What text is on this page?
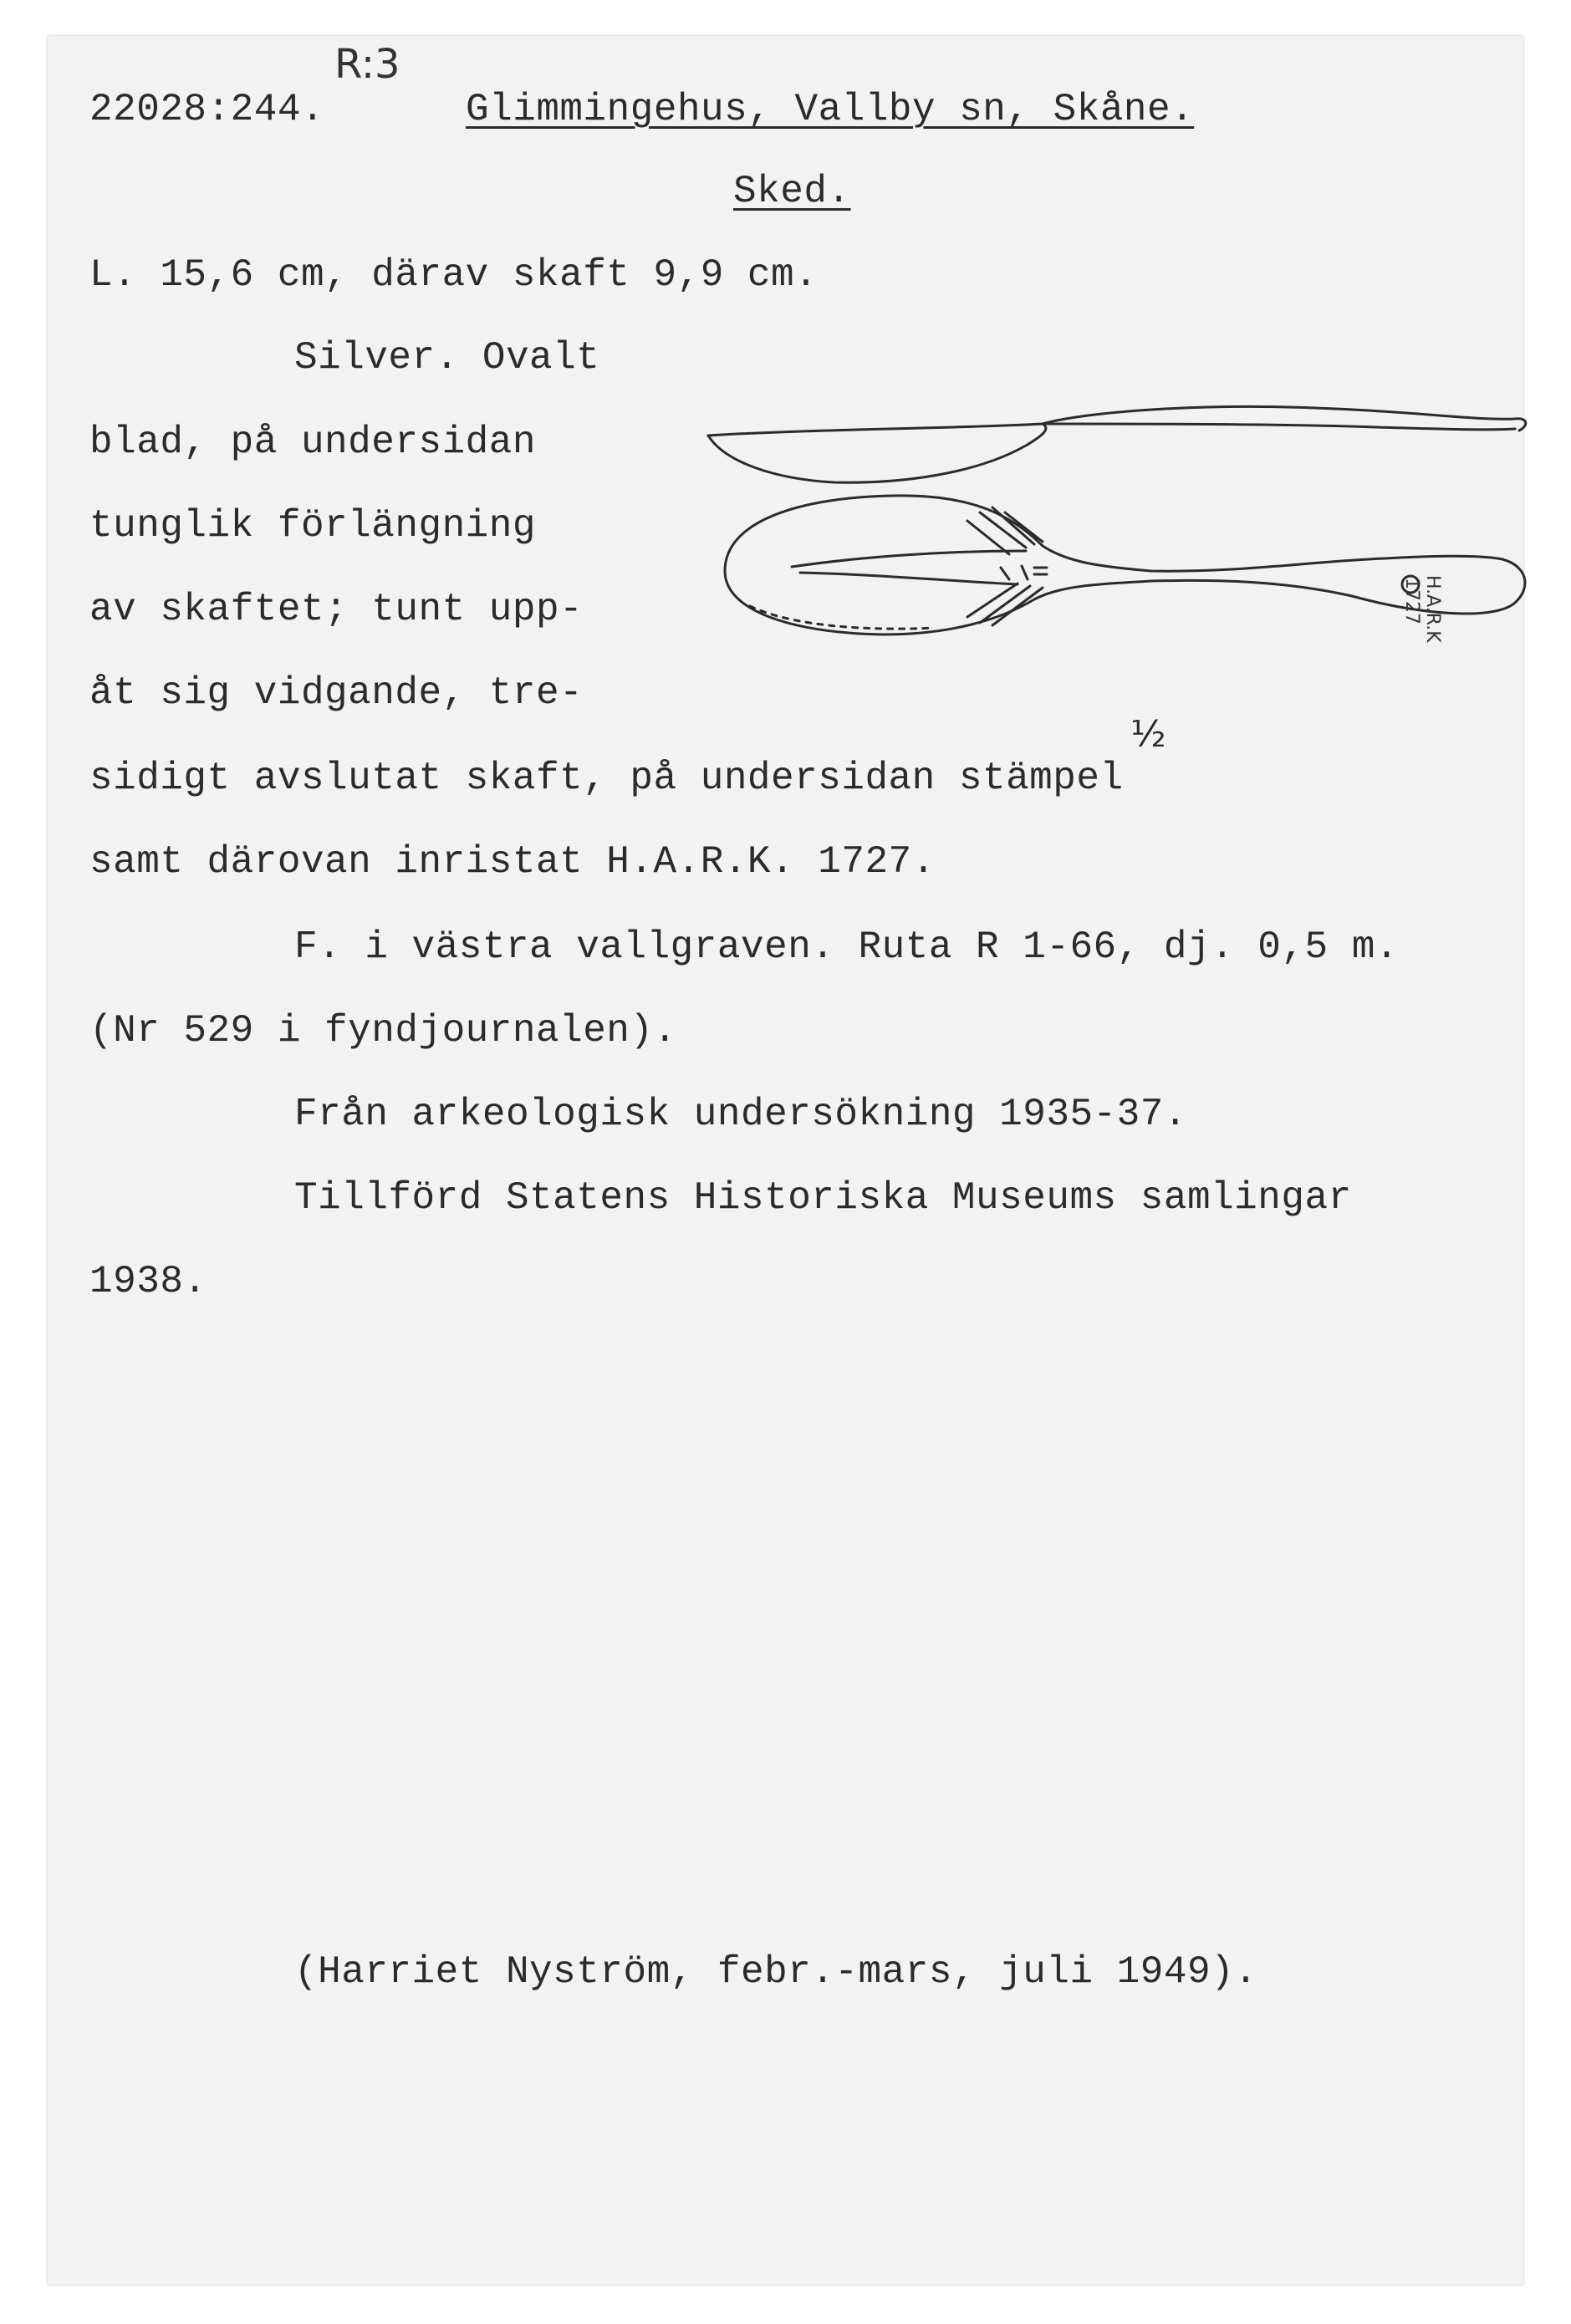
22028:244.
R:3
Glimmingehus, Vallby sn, Skåne.
Sked.
L. 15,6 cm, därav skaft 9,9 cm.
Silver. Ovalt
blad, på undersidan
tunglik förlängning
av skaftet; tunt upp-
åt sig vidgande, tre-
sidigt avslutat skaft, på undersidan stämpel
samt därovan inristat H.A.R.K. 1727.
F. i västra vallgraven. Ruta R 1-66, dj. 0,5 m.
(Nr 529 i fyndjournalen).
Från arkeologisk undersökning 1935-37.
Tillförd Statens Historiska Museums samlingar
1938.
(Harriet Nyström, febr.-mars, juli 1949).
H.A.R.K
1727
½
